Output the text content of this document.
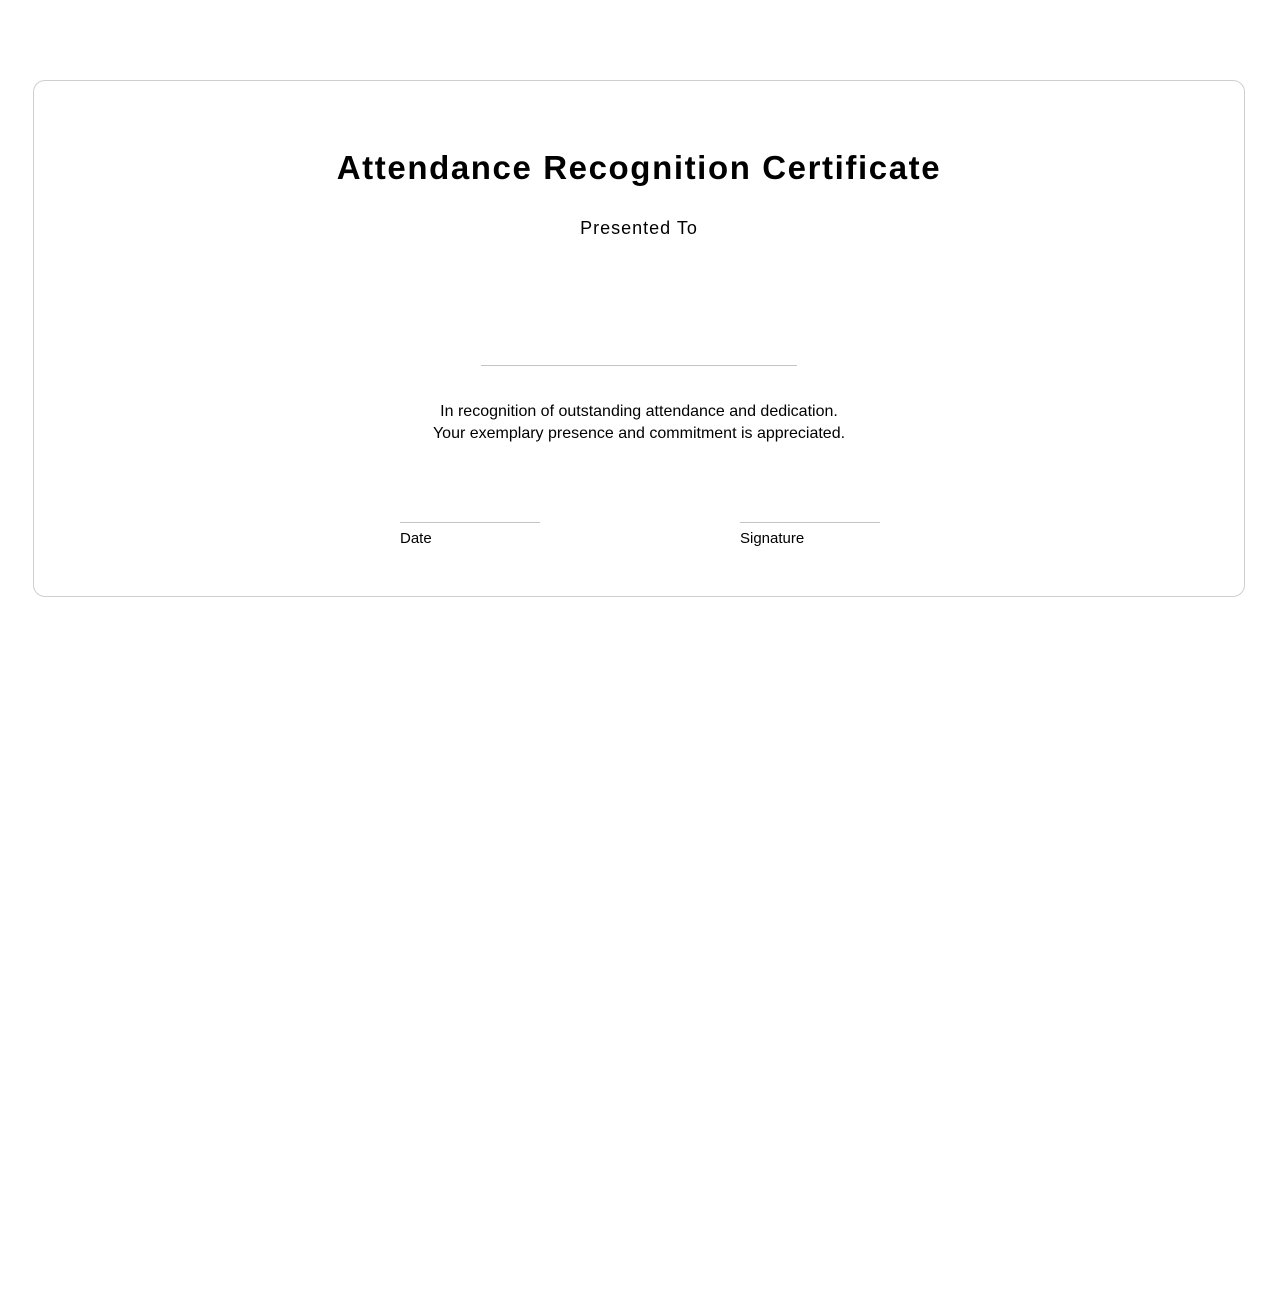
Attendance Recognition Certificate
Presented To
In recognition of outstanding attendance and dedication.
Your exemplary presence and commitment is appreciated.
Date	Signature
